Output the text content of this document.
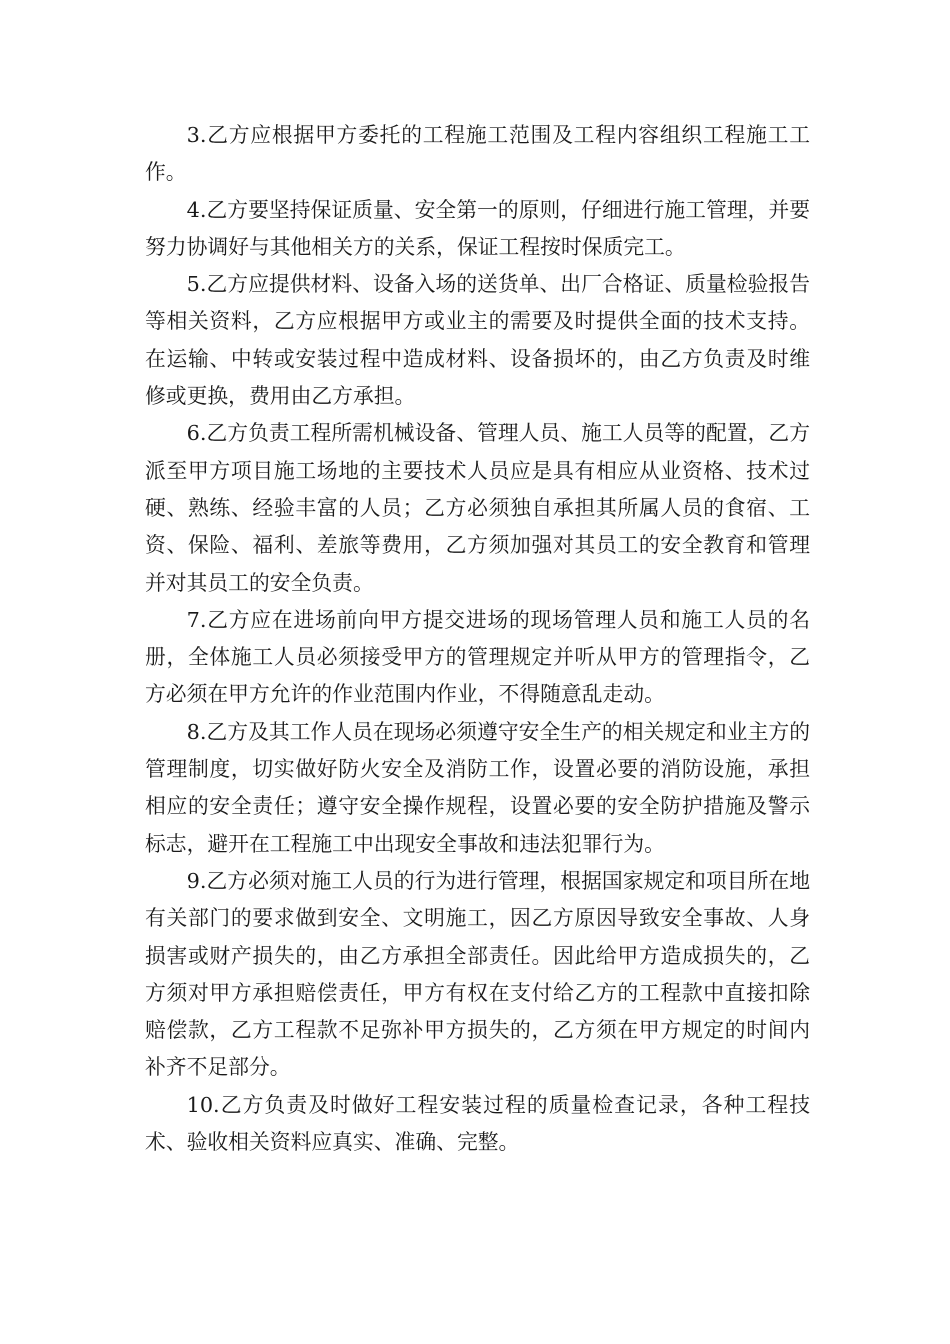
3.乙方应根据甲方委托的工程施工范围及工程内容组织工程施工工作。

4.乙方要坚持保证质量、安全第一的原则，仔细进行施工管理，并要努力协调好与其他相关方的关系，保证工程按时保质完工。

5.乙方应提供材料、设备入场的送货单、出厂合格证、质量检验报告等相关资料，乙方应根据甲方或业主的需要及时提供全面的技术支持。在运输、中转或安装过程中造成材料、设备损坏的，由乙方负责及时维修或更换，费用由乙方承担。

6.乙方负责工程所需机械设备、管理人员、施工人员等的配置，乙方派至甲方项目施工场地的主要技术人员应是具有相应从业资格、技术过硬、熟练、经验丰富的人员；乙方必须独自承担其所属人员的食宿、工资、保险、福利、差旅等费用，乙方须加强对其员工的安全教育和管理并对其员工的安全负责。

7.乙方应在进场前向甲方提交进场的现场管理人员和施工人员的名册，全体施工人员必须接受甲方的管理规定并听从甲方的管理指令，乙方必须在甲方允许的作业范围内作业，不得随意乱走动。

8.乙方及其工作人员在现场必须遵守安全生产的相关规定和业主方的管理制度，切实做好防火安全及消防工作，设置必要的消防设施，承担相应的安全责任；遵守安全操作规程，设置必要的安全防护措施及警示标志，避开在工程施工中出现安全事故和违法犯罪行为。

9.乙方必须对施工人员的行为进行管理，根据国家规定和项目所在地有关部门的要求做到安全、文明施工，因乙方原因导致安全事故、人身损害或财产损失的，由乙方承担全部责任。因此给甲方造成损失的，乙方须对甲方承担赔偿责任，甲方有权在支付给乙方的工程款中直接扣除赔偿款，乙方工程款不足弥补甲方损失的，乙方须在甲方规定的时间内补齐不足部分。

10.乙方负责及时做好工程安装过程的质量检查记录，各种工程技术、验收相关资料应真实、准确、完整。
